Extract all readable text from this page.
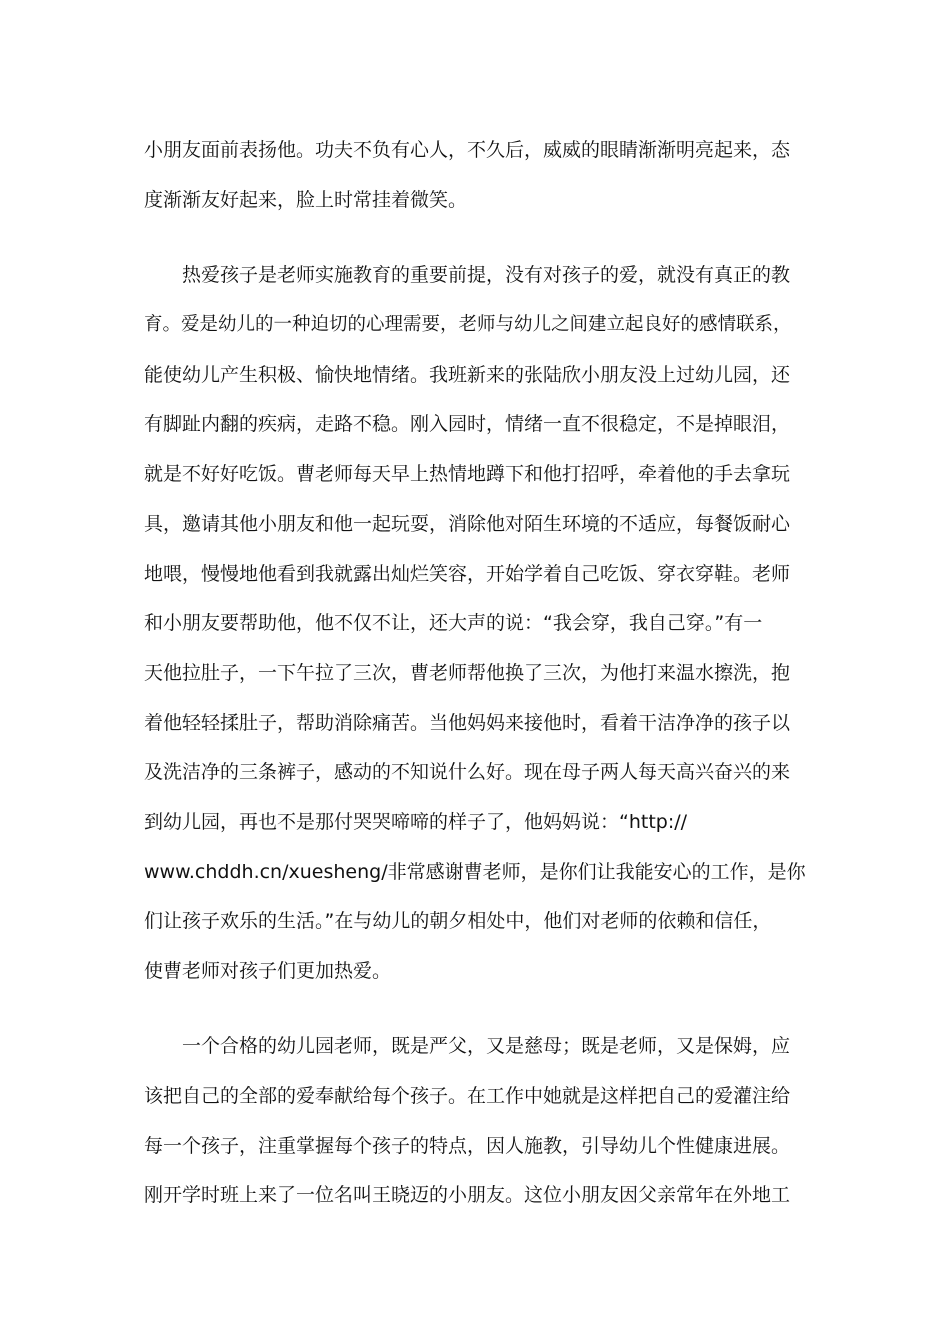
小朋友面前表扬他。功夫不负有心人，不久后，威威的眼睛渐渐明亮起来，态
度渐渐友好起来，脸上时常挂着微笑。
热爱孩子是老师实施教育的重要前提，没有对孩子的爱，就没有真正的教
育。爱是幼儿的一种迫切的心理需要，老师与幼儿之间建立起良好的感情联系，
能使幼儿产生积极、愉快地情绪。我班新来的张陆欣小朋友没上过幼儿园，还
有脚趾内翻的疾病，走路不稳。刚入园时，情绪一直不很稳定，不是掉眼泪，
就是不好好吃饭。曹老师每天早上热情地蹲下和他打招呼，牵着他的手去拿玩
具，邀请其他小朋友和他一起玩耍，消除他对陌生环境的不适应，每餐饭耐心
地喂，慢慢地他看到我就露出灿烂笑容，开始学着自己吃饭、穿衣穿鞋。老师
和小朋友要帮助他，他不仅不让，还大声的说：“我会穿，我自己穿。”有一
天他拉肚子，一下午拉了三次，曹老师帮他换了三次，为他打来温水擦洗，抱
着他轻轻揉肚子，帮助消除痛苦。当他妈妈来接他时，看着干洁净净的孩子以
及洗洁净的三条裤子，感动的不知说什么好。现在母子两人每天高兴奋兴的来
到幼儿园，再也不是那付哭哭啼啼的样子了，他妈妈说：“http://
www.chddh.cn/xuesheng/非常感谢曹老师，是你们让我能安心的工作，是你
们让孩子欢乐的生活。”在与幼儿的朝夕相处中，他们对老师的依赖和信任，
使曹老师对孩子们更加热爱。
一个合格的幼儿园老师，既是严父，又是慈母；既是老师，又是保姆，应
该把自己的全部的爱奉献给每个孩子。在工作中她就是这样把自己的爱灌注给
每一个孩子，注重掌握每个孩子的特点，因人施教，引导幼儿个性健康进展。
刚开学时班上来了一位名叫王晓迈的小朋友。这位小朋友因父亲常年在外地工
